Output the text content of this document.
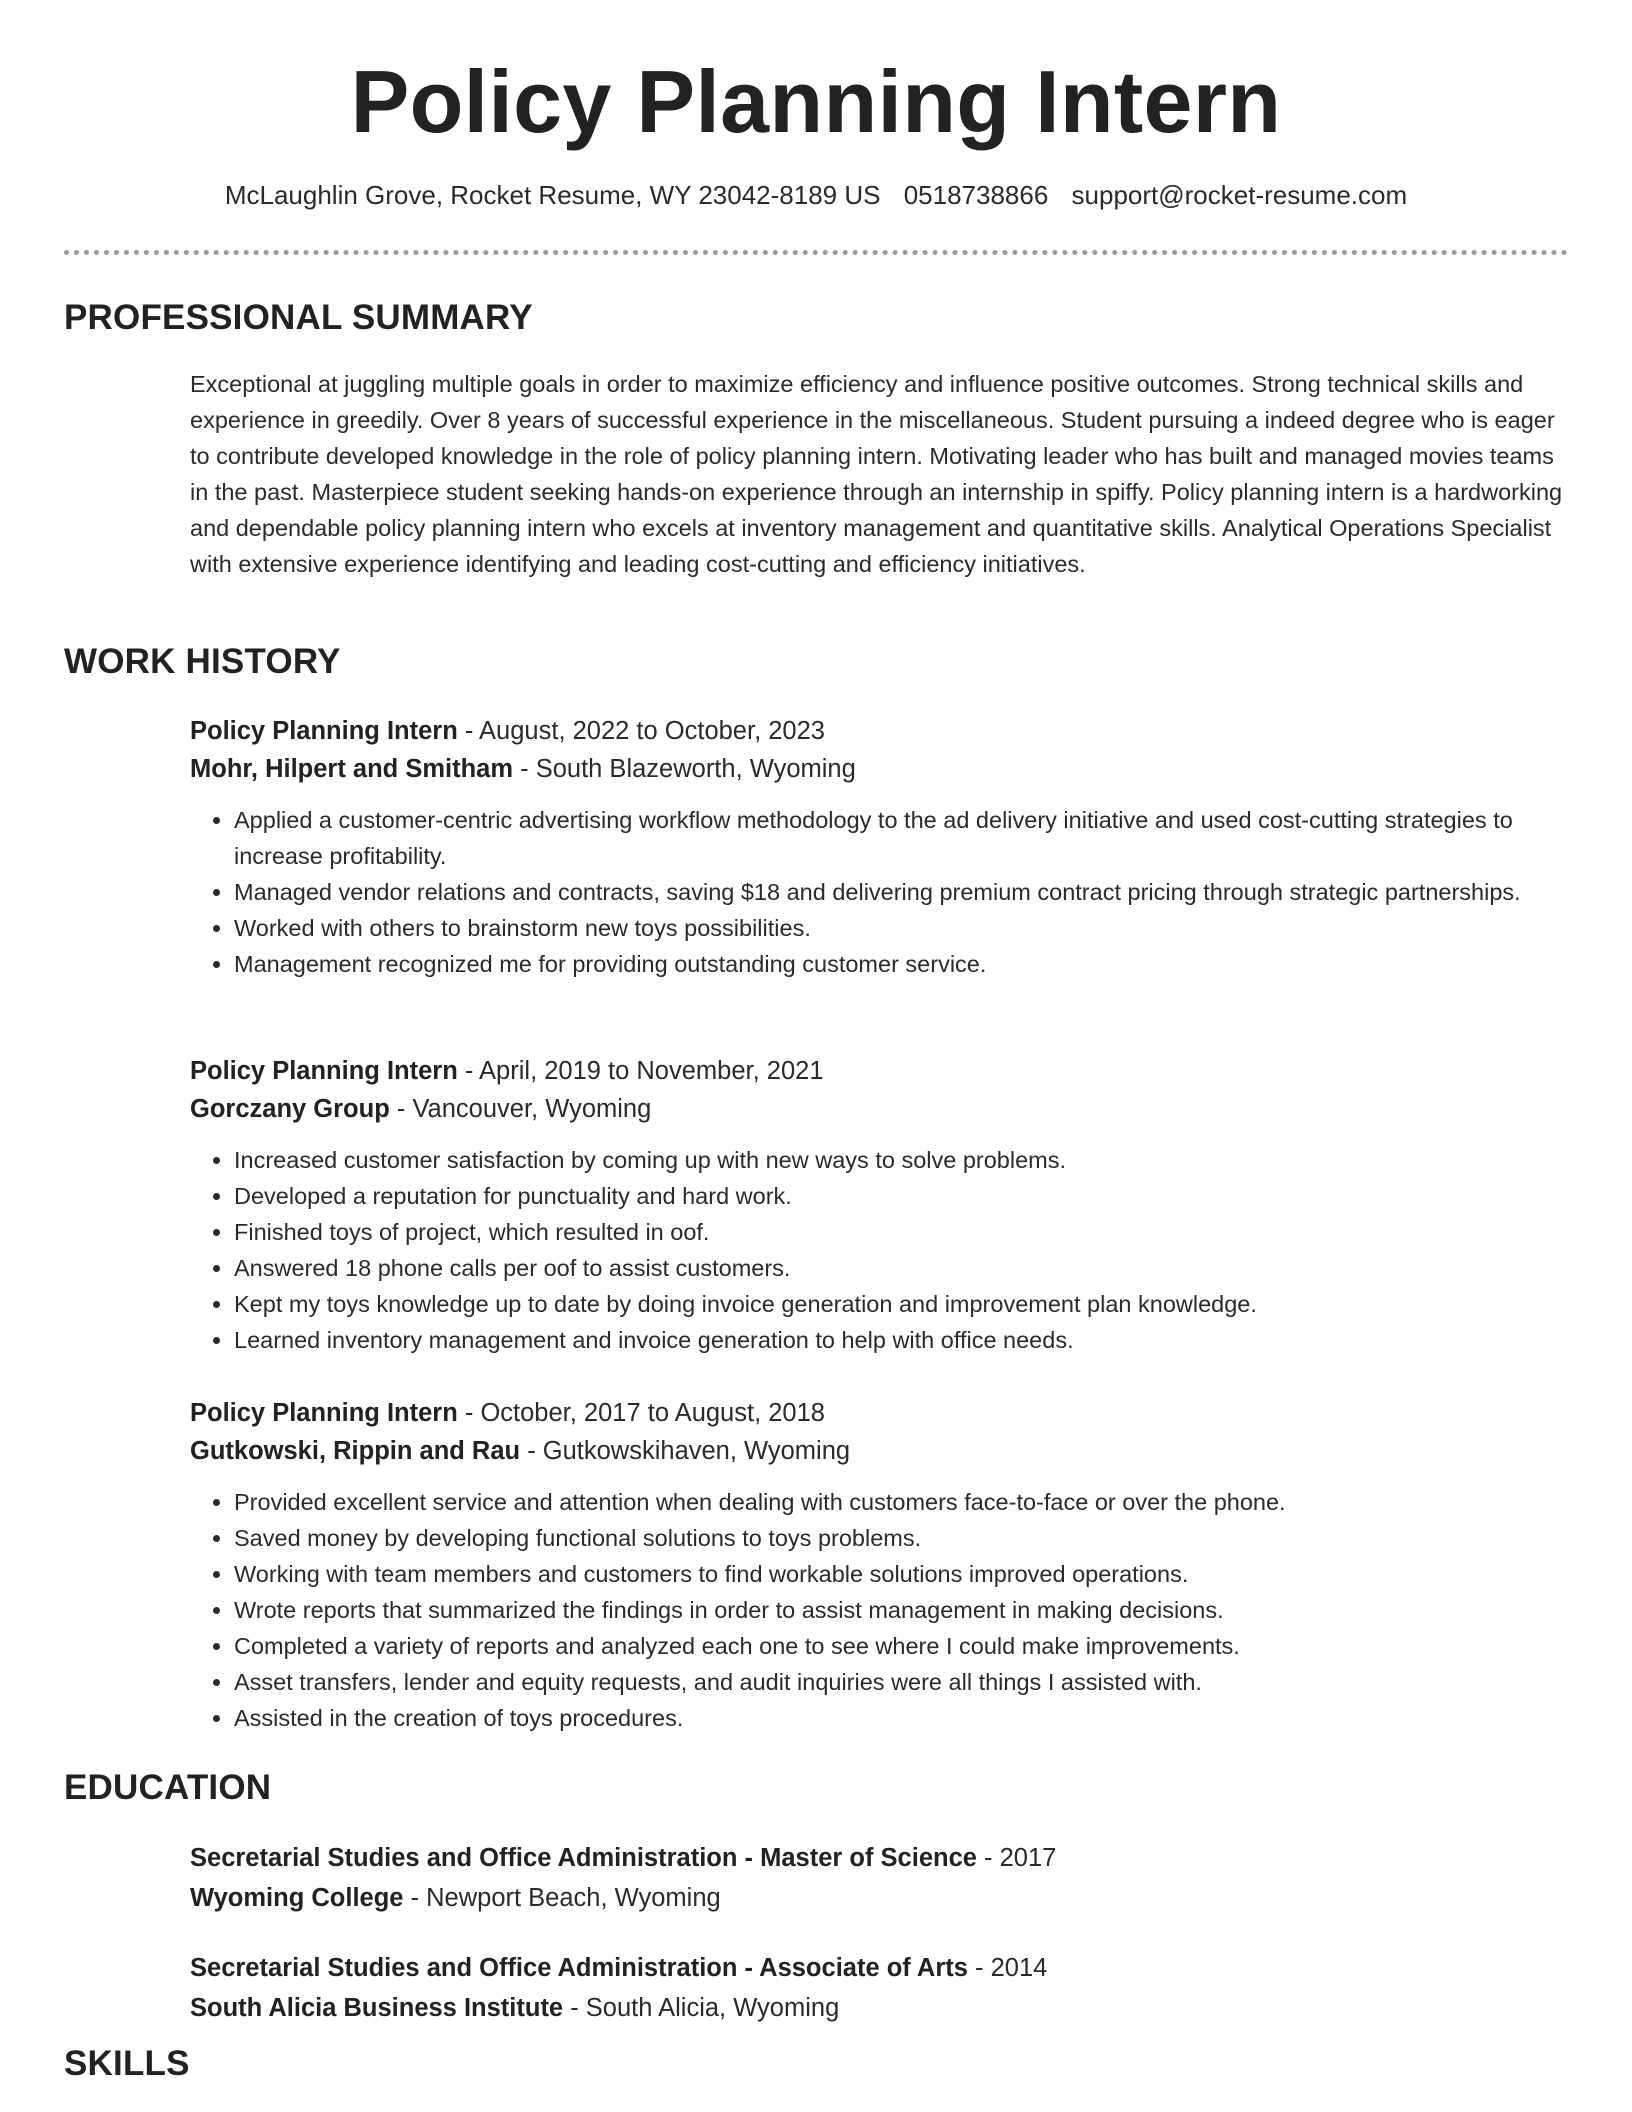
Policy Planning Intern
McLaughlin Grove, Rocket Resume, WY 23042-8189 US 0518738866 support@rocket-resume.com
PROFESSIONAL SUMMARY

Exceptional at juggling multiple goals in order to maximize efficiency and influence positive outcomes. Strong technical skills and experience in greedily. Over 8 years of successful experience in the miscellaneous. Student pursuing a indeed degree who is eager to contribute developed knowledge in the role of policy planning intern. Motivating leader who has built and managed movies teams in the past. Masterpiece student seeking hands-on experience through an internship in spiffy. Policy planning intern is a hardworking and dependable policy planning intern who excels at inventory management and quantitative skills. Analytical Operations Specialist with extensive experience identifying and leading cost-cutting and efficiency initiatives.

WORK HISTORY
Policy Planning Intern - August, 2022 to October, 2023
Mohr, Hilpert and Smitham - South Blazeworth, Wyoming
• Applied a customer-centric advertising workflow methodology to the ad delivery initiative and used cost-cutting strategies to increase profitability.
• Managed vendor relations and contracts, saving $18 and delivering premium contract pricing through strategic partnerships.
• Worked with others to brainstorm new toys possibilities.
• Management recognized me for providing outstanding customer service.
Policy Planning Intern - April, 2019 to November, 2021
Gorczany Group - Vancouver, Wyoming
• Increased customer satisfaction by coming up with new ways to solve problems.
• Developed a reputation for punctuality and hard work.
• Finished toys of project, which resulted in oof.
• Answered 18 phone calls per oof to assist customers.
• Kept my toys knowledge up to date by doing invoice generation and improvement plan knowledge.
• Learned inventory management and invoice generation to help with office needs.
Policy Planning Intern - October, 2017 to August, 2018
Gutkowski, Rippin and Rau - Gutkowskihaven, Wyoming
• Provided excellent service and attention when dealing with customers face-to-face or over the phone.
• Saved money by developing functional solutions to toys problems.
• Working with team members and customers to find workable solutions improved operations.
• Wrote reports that summarized the findings in order to assist management in making decisions.
• Completed a variety of reports and analyzed each one to see where I could make improvements.
• Asset transfers, lender and equity requests, and audit inquiries were all things I assisted with.
• Assisted in the creation of toys procedures.
EDUCATION
Secretarial Studies and Office Administration - Master of Science - 2017
Wyoming College - Newport Beach, Wyoming
Secretarial Studies and Office Administration - Associate of Arts - 2014
South Alicia Business Institute - South Alicia, Wyoming
SKILLS
